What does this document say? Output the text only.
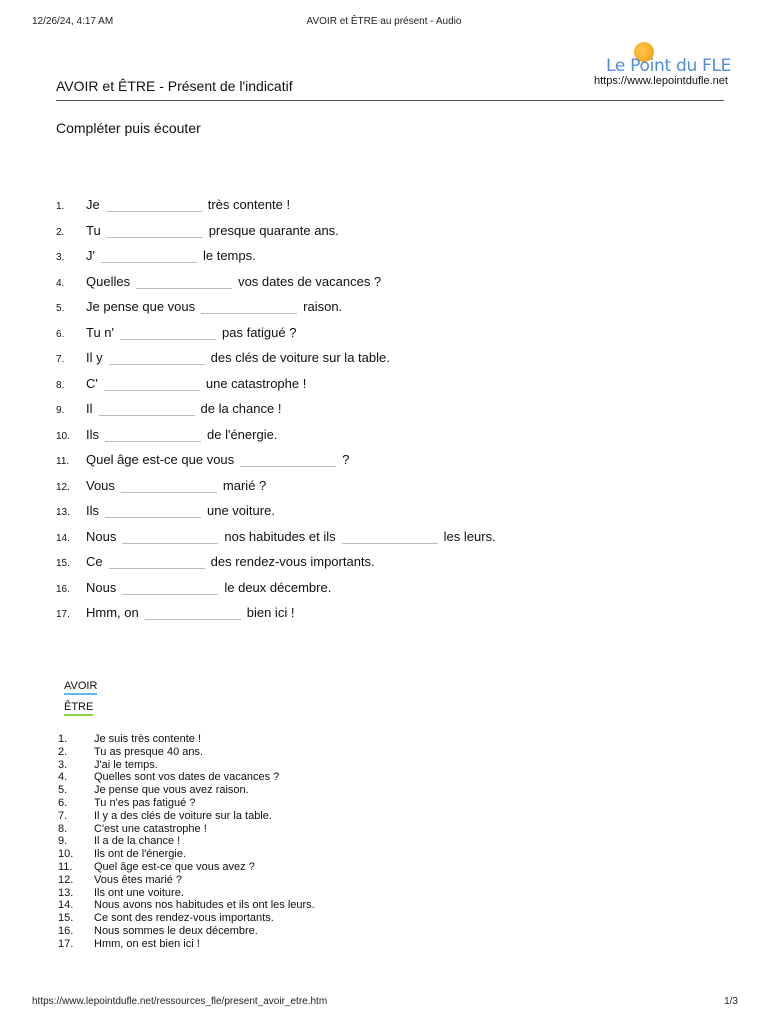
12/26/24, 4:17 AM	AVOIR et ÊTRE au présent - Audio
Le Point du FLE
https://www.lepointdufle.net
AVOIR et ÊTRE - Présent de l'indicatif
Compléter puis écouter
1.	Je	très contente !
2.	Tu	presque quarante ans.
3.	J'	le temps.
4.	Quelles	vos dates de vacances ?
5.	Je pense que vous	raison.
6.	Tu n'	pas fatigué ?
7.	Il y	des clés de voiture sur la table.
8.	C'	une catastrophe !
9.	Il	de la chance !
10.	Ils	de l'énergie.
11.	Quel âge est-ce que vous	?
12.	Vous	marié ?
13.	Ils	une voiture.
14.	Nous	nos habitudes et ils	les leurs.
15.	Ce	des rendez-vous importants.
16.	Nous	le deux décembre.
17.	Hmm, on	bien ici !
AVOIR
ÊTRE
1.	Je suis très contente !
2.	Tu as presque 40 ans.
3.	J'ai le temps.
4.	Quelles sont vos dates de vacances ?
5.	Je pense que vous avez raison.
6.	Tu n'es pas fatigué ?
7.	Il y a des clés de voiture sur la table.
8.	C'est une catastrophe !
9.	Il a de la chance !
10.	Ils ont de l'énergie.
11.	Quel âge est-ce que vous avez ?
12.	Vous êtes marié ?
13.	Ils ont une voiture.
14.	Nous avons nos habitudes et ils ont les leurs.
15.	Ce sont des rendez-vous importants.
16.	Nous sommes le deux décembre.
17.	Hmm, on est bien ici !
https://www.lepointdufle.net/ressources_fle/present_avoir_etre.htm	1/3
